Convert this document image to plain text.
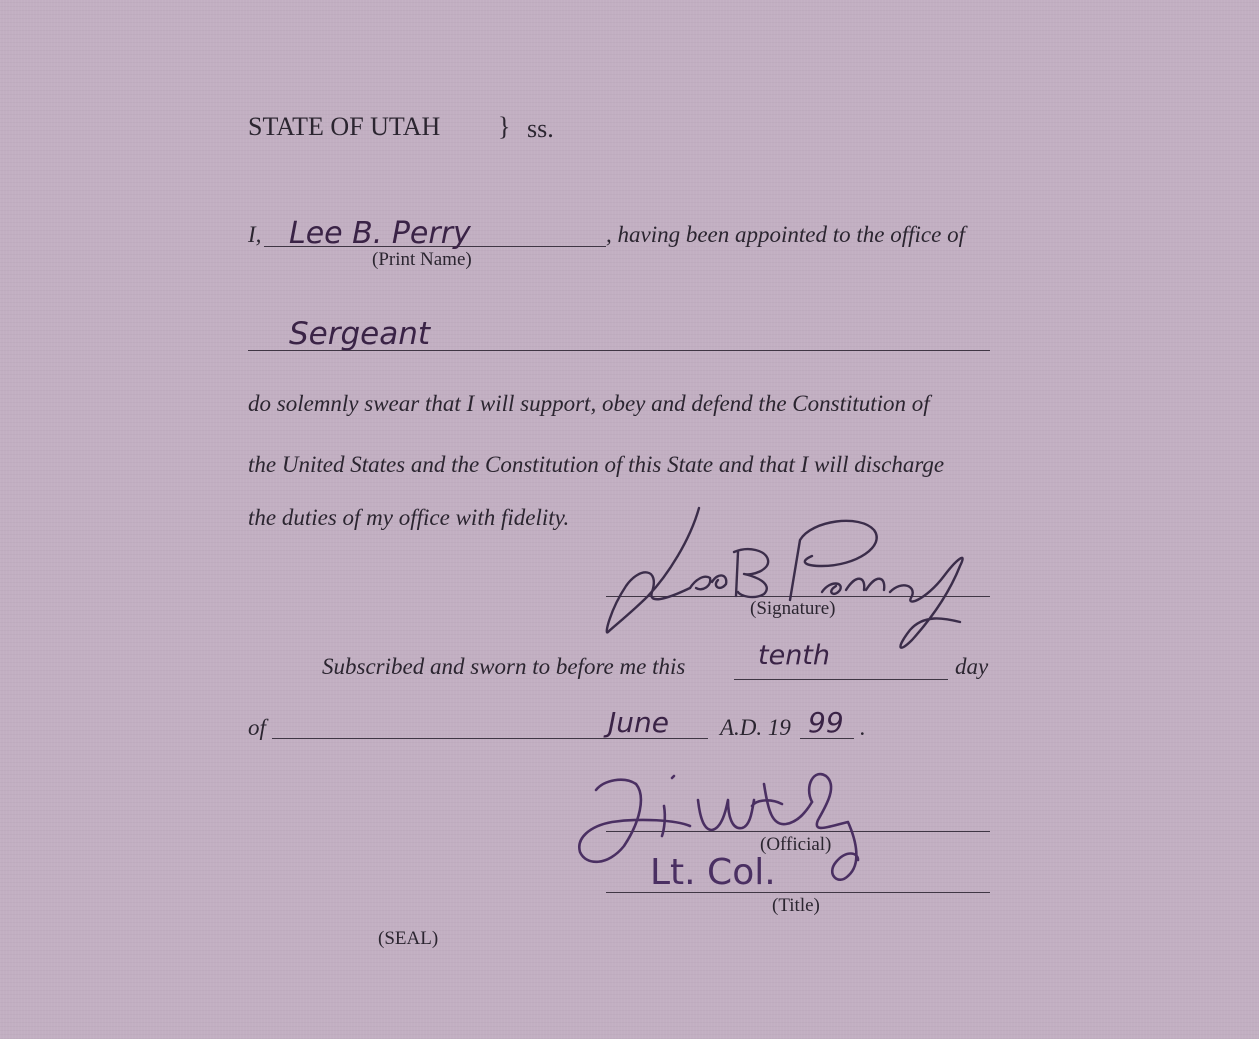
STATE OF UTAH } ss.
I, Lee B. Perry
(Print Name)
, having been appointed to the office of
Sergeant
do solemnly swear that I will support, obey and defend the Constitution of
the United States and the Constitution of this State and that I will discharge
the duties of my office with fidelity.
(Signature)
Subscribed and sworn to before me this	tenth	day
of	June A.D. 19 99 .
(Official)
Lt. Col.
(Title)
(SEAL)
